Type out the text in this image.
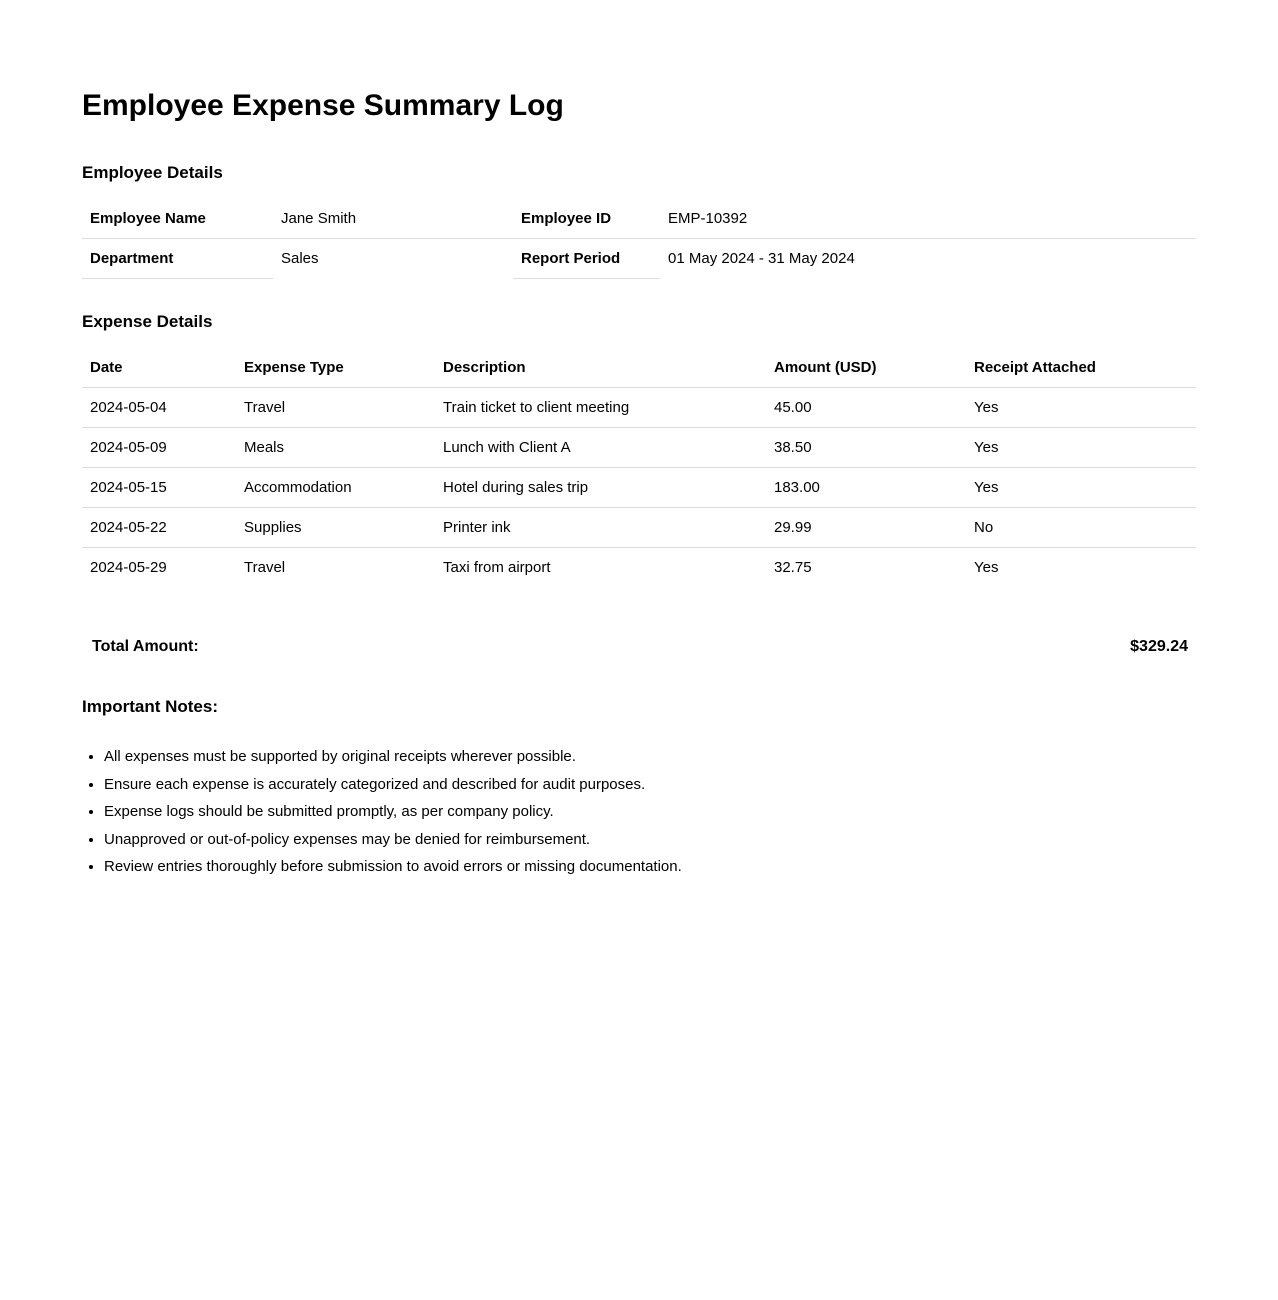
Employee Expense Summary Log
Employee Details
Employee Name	Jane Smith	Employee ID	EMP-10392
Department	Sales	Report Period	01 May 2024 - 31 May 2024
Expense Details
Date	Expense Type	Description	Amount (USD)	Receipt Attached
2024-05-04	Travel	Train ticket to client meeting	45.00	Yes
2024-05-09	Meals	Lunch with Client A	38.50	Yes
2024-05-15	Accommodation	Hotel during sales trip	183.00	Yes
2024-05-22	Supplies	Printer ink	29.99	No
2024-05-29	Travel	Taxi from airport	32.75	Yes
Total Amount:	$329.24
Important Notes:
• All expenses must be supported by original receipts wherever possible.
• Ensure each expense is accurately categorized and described for audit purposes.
• Expense logs should be submitted promptly, as per company policy.
• Unapproved or out-of-policy expenses may be denied for reimbursement.
• Review entries thoroughly before submission to avoid errors or missing documentation.
